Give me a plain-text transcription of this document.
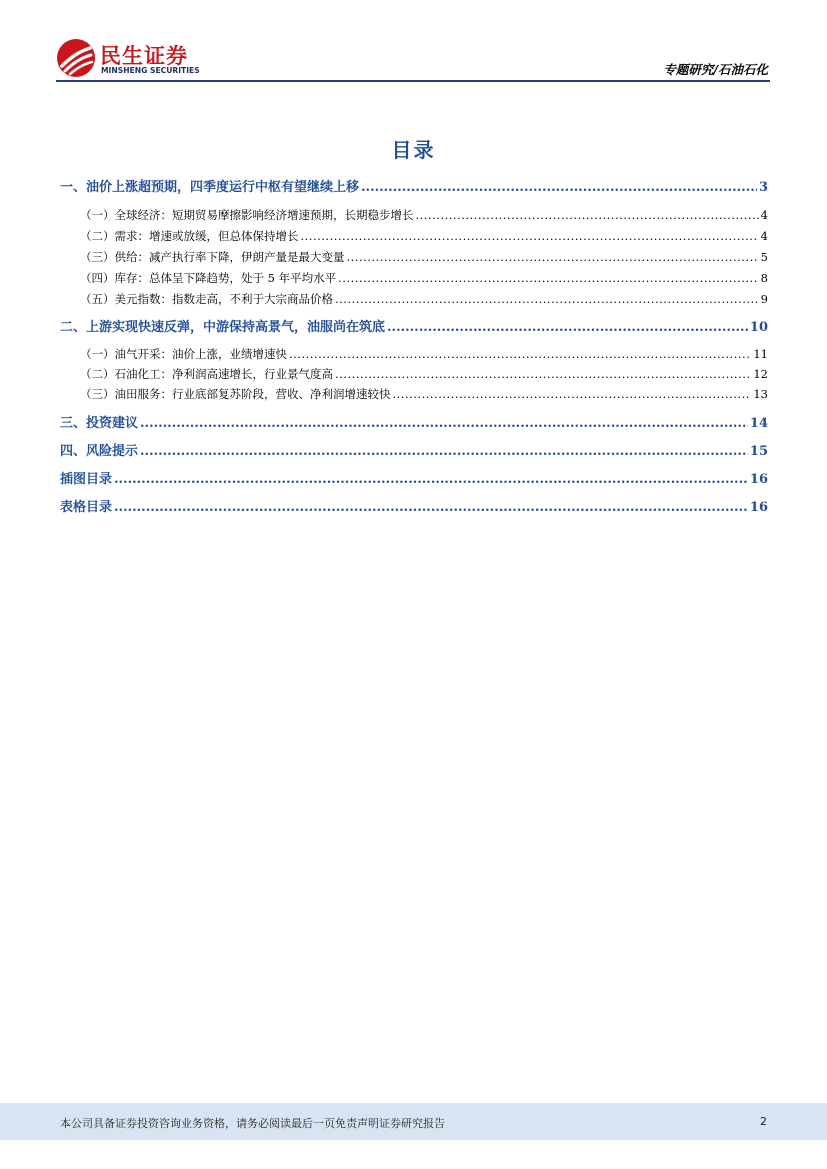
民生证券
MINSHENG SECURITIES	专题研究/石油石化
目录
一、油价上涨超预期，四季度运行中枢有望继续上移 .....	3
（一）全球经济：短期贸易摩擦影响经济增速预期，长期稳步增长 .....	4
（二）需求：增速或放缓，但总体保持增长 .....	4
（三）供给：减产执行率下降，伊朗产量是最大变量 .....	5
（四）库存：总体呈下降趋势，处于 5 年平均水平 .....	8
（五）美元指数：指数走高，不利于大宗商品价格 .....	9
二、上游实现快速反弹，中游保持高景气，油服尚在筑底 .....	10
（一）油气开采：油价上涨，业绩增速快 .....	11
（二）石油化工：净利润高速增长，行业景气度高 .....	12
（三）油田服务：行业底部复苏阶段，营收、净利润增速较快 .....	13
三、投资建议 .....	14
四、风险提示 .....	15
插图目录 .....	16
表格目录 .....	16
本公司具备证券投资咨询业务资格，请务必阅读最后一页免责声明证券研究报告	2
